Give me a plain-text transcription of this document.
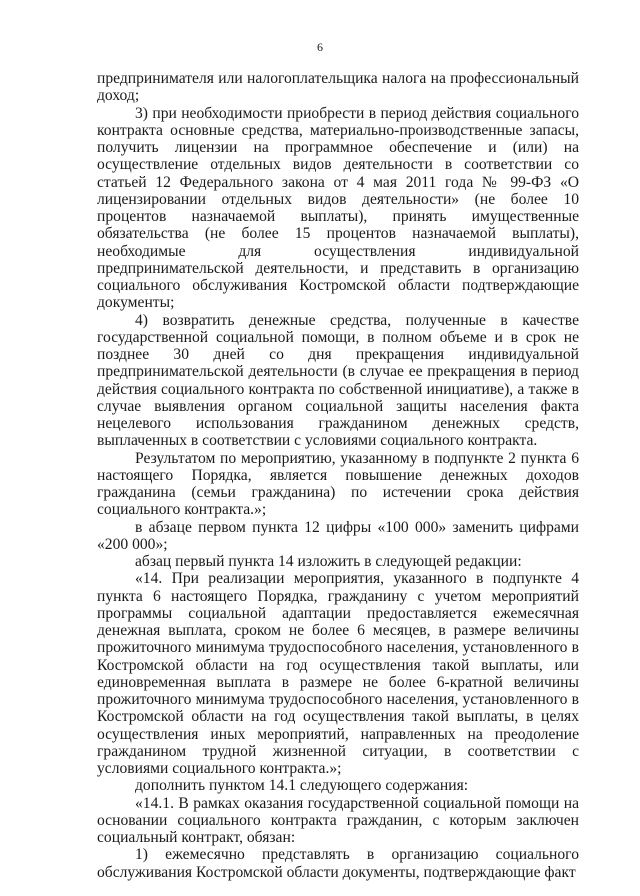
6

предпринимателя или налогоплательщика налога на профессиональный доход;

3) при необходимости приобрести в период действия социального контракта основные средства, материально-производственные запасы, получить лицензии на программное обеспечение и (или) на осуществление отдельных видов деятельности в соответствии со статьей 12 Федерального закона от 4 мая 2011 года № 99-ФЗ «О лицензировании отдельных видов деятельности» (не более 10 процентов назначаемой выплаты), принять имущественные обязательства (не более 15 процентов назначаемой выплаты), необходимые для осуществления индивидуальной предпринимательской деятельности, и представить в организацию социального обслуживания Костромской области подтверждающие документы;

4) возвратить денежные средства, полученные в качестве государственной социальной помощи, в полном объеме и в срок не позднее 30 дней со дня прекращения индивидуальной предпринимательской деятельности (в случае ее прекращения в период действия социального контракта по собственной инициативе), а также в случае выявления органом социальной защиты населения факта нецелевого использования гражданином денежных средств, выплаченных в соответствии с условиями социального контракта.

Результатом по мероприятию, указанному в подпункте 2 пункта 6 настоящего Порядка, является повышение денежных доходов гражданина (семьи гражданина) по истечении срока действия социального контракта.»;

в абзаце первом пункта 12 цифры «100 000» заменить цифрами «200 000»;

абзац первый пункта 14 изложить в следующей редакции:

«14. При реализации мероприятия, указанного в подпункте 4 пункта 6 настоящего Порядка, гражданину с учетом мероприятий программы социальной адаптации предоставляется ежемесячная денежная выплата, сроком не более 6 месяцев, в размере величины прожиточного минимума трудоспособного населения, установленного в Костромской области на год осуществления такой выплаты, или единовременная выплата в размере не более 6-кратной величины прожиточного минимума трудоспособного населения, установленного в Костромской области на год осуществления такой выплаты, в целях осуществления иных мероприятий, направленных на преодоление гражданином трудной жизненной ситуации, в соответствии с условиями социального контракта.»;

дополнить пунктом 14.1 следующего содержания:

«14.1. В рамках оказания государственной социальной помощи на основании социального контракта гражданин, с которым заключен социальный контракт, обязан:

1) ежемесячно представлять в организацию социального обслуживания Костромской области документы, подтверждающие факт
